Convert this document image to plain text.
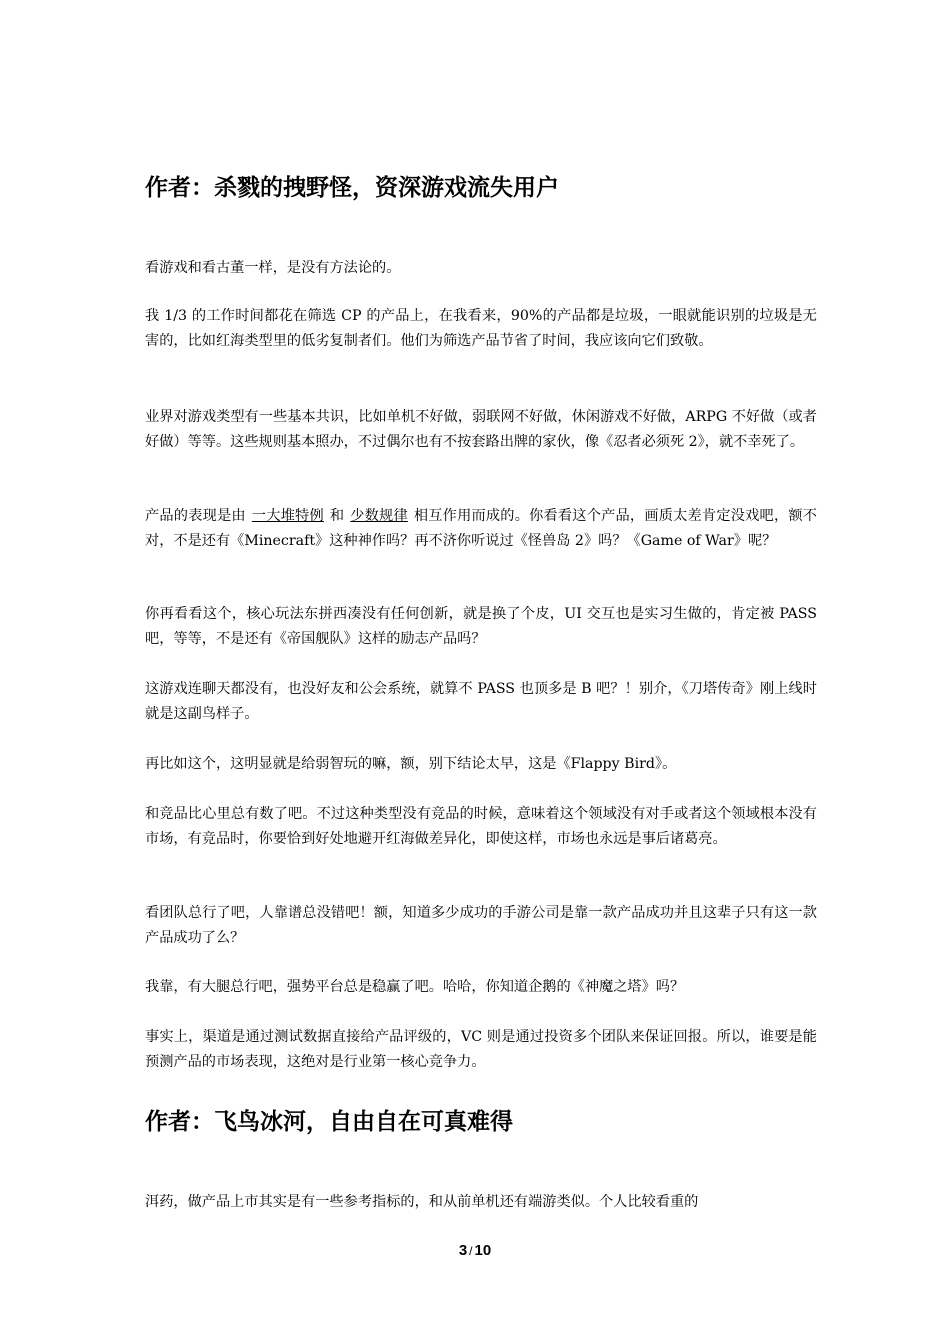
作者：杀戮的拽野怪，资深游戏流失用户

看游戏和看古董一样，是没有方法论的。

我 1/3 的工作时间都花在筛选 CP 的产品上，在我看来，90%的产品都是垃圾，一眼就能识别的垃圾是无害的，比如红海类型里的低劣复制者们。他们为筛选产品节省了时间，我应该向它们致敬。

业界对游戏类型有一些基本共识，比如单机不好做，弱联网不好做，休闲游戏不好做，ARPG 不好做（或者好做）等等。这些规则基本照办，不过偶尔也有不按套路出牌的家伙，像《忍者必须死 2》，就不幸死了。

产品的表现是由 一大堆特例 和 少数规律 相互作用而成的。你看看这个产品，画质太差肯定没戏吧，额不对，不是还有《Minecraft》这种神作吗？再不济你听说过《怪兽岛 2》吗？《Game of War》呢？

你再看看这个，核心玩法东拼西凑没有任何创新，就是换了个皮，UI 交互也是实习生做的，肯定被 PASS 吧，等等，不是还有《帝国舰队》这样的励志产品吗？

这游戏连聊天都没有，也没好友和公会系统，就算不 PASS 也顶多是 B 吧？！别介，《刀塔传奇》刚上线时就是这副鸟样子。

再比如这个，这明显就是给弱智玩的嘛，额，别下结论太早，这是《Flappy Bird》。

和竞品比心里总有数了吧。不过这种类型没有竞品的时候，意味着这个领域没有对手或者这个领域根本没有市场，有竞品时，你要恰到好处地避开红海做差异化，即使这样，市场也永远是事后诸葛亮。

看团队总行了吧，人靠谱总没错吧！额，知道多少成功的手游公司是靠一款产品成功并且这辈子只有这一款产品成功了么？

我靠，有大腿总行吧，强势平台总是稳赢了吧。哈哈，你知道企鹅的《神魔之塔》吗？

事实上，渠道是通过测试数据直接给产品评级的，VC 则是通过投资多个团队来保证回报。所以，谁要是能预测产品的市场表现，这绝对是行业第一核心竞争力。

作者：飞鸟冰河，自由自在可真难得

洱药，做产品上市其实是有一些参考指标的，和从前单机还有端游类似。个人比较看重的

3 / 10
